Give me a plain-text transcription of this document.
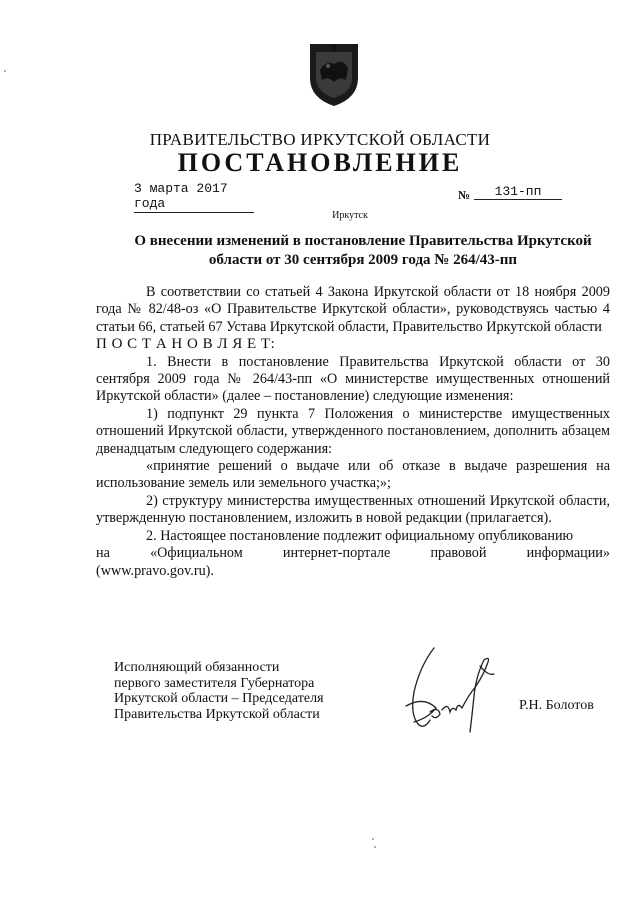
ПРАВИТЕЛЬСТВО ИРКУТСКОЙ ОБЛАСТИ
ПОСТАНОВЛЕНИЕ
3 марта 2017 года
№	131-пп
Иркутск
О внесении изменений в постановление Правительства Иркутской области от 30 сентября 2009 года № 264/43-пп

В соответствии со статьей 4 Закона Иркутской области от 18 ноября 2009 года № 82/48-оз «О Правительстве Иркутской области», руководствуясь частью 4 статьи 66, статьей 67 Устава Иркутской области, Правительство Иркутской области

П О С Т А Н О В Л Я Е Т:

1. Внести в постановление Правительства Иркутской области от 30 сентября 2009 года № 264/43-пп «О министерстве имущественных отношений Иркутской области» (далее – постановление) следующие изменения:

1) подпункт 29 пункта 7 Положения о министерстве имущественных отношений Иркутской области, утвержденного постановлением, дополнить абзацем двенадцатым следующего содержания:

«принятие решений о выдаче или об отказе в выдаче разрешения на использование земель или земельного участка;»;

2) структуру министерства имущественных отношений Иркутской области, утвержденную постановлением, изложить в новой редакции (прилагается).

2. Настоящее постановление подлежит официальному опубликованию

на	«Официальном	интернет-портале	правовой	информации»

(www.pravo.gov.ru).

Исполняющий обязанности
первого заместителя Губернатора
Иркутской области – Председателя
Правительства Иркутской области
Р.Н. Болотов
